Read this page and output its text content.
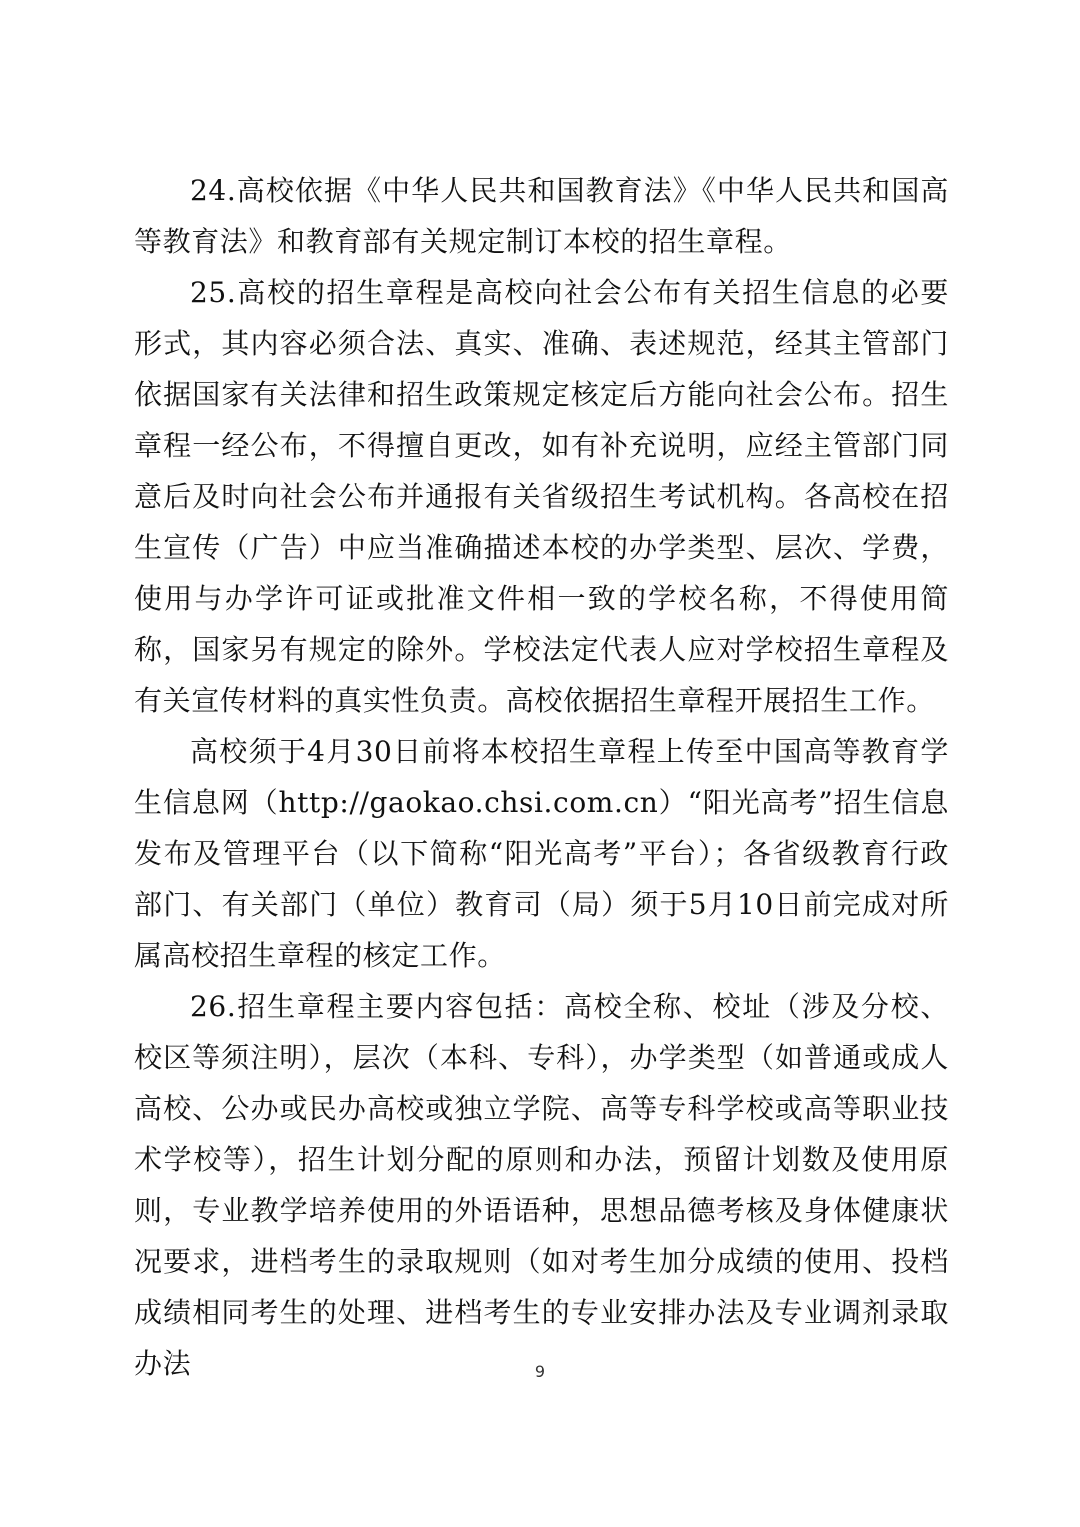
24.高校依据《中华人民共和国教育法》《中华人民共和国高等教育法》和教育部有关规定制订本校的招生章程。

25.高校的招生章程是高校向社会公布有关招生信息的必要形式，其内容必须合法、真实、准确、表述规范，经其主管部门依据国家有关法律和招生政策规定核定后方能向社会公布。招生章程一经公布，不得擅自更改，如有补充说明，应经主管部门同意后及时向社会公布并通报有关省级招生考试机构。各高校在招生宣传（广告）中应当准确描述本校的办学类型、层次、学费，使用与办学许可证或批准文件相一致的学校名称，不得使用简称，国家另有规定的除外。学校法定代表人应对学校招生章程及有关宣传材料的真实性负责。高校依据招生章程开展招生工作。

高校须于4月30日前将本校招生章程上传至中国高等教育学生信息网（http://gaokao.chsi.com.cn）“阳光高考”招生信息发布及管理平台（以下简称“阳光高考”平台）；各省级教育行政部门、有关部门（单位）教育司（局）须于5月10日前完成对所属高校招生章程的核定工作。

26.招生章程主要内容包括：高校全称、校址（涉及分校、校区等须注明），层次（本科、专科），办学类型（如普通或成人高校、公办或民办高校或独立学院、高等专科学校或高等职业技术学校等），招生计划分配的原则和办法，预留计划数及使用原则，专业教学培养使用的外语语种，思想品德考核及身体健康状况要求，进档考生的录取规则（如对考生加分成绩的使用、投档成绩相同考生的处理、进档考生的专业安排办法及专业调剂录取办法	9
